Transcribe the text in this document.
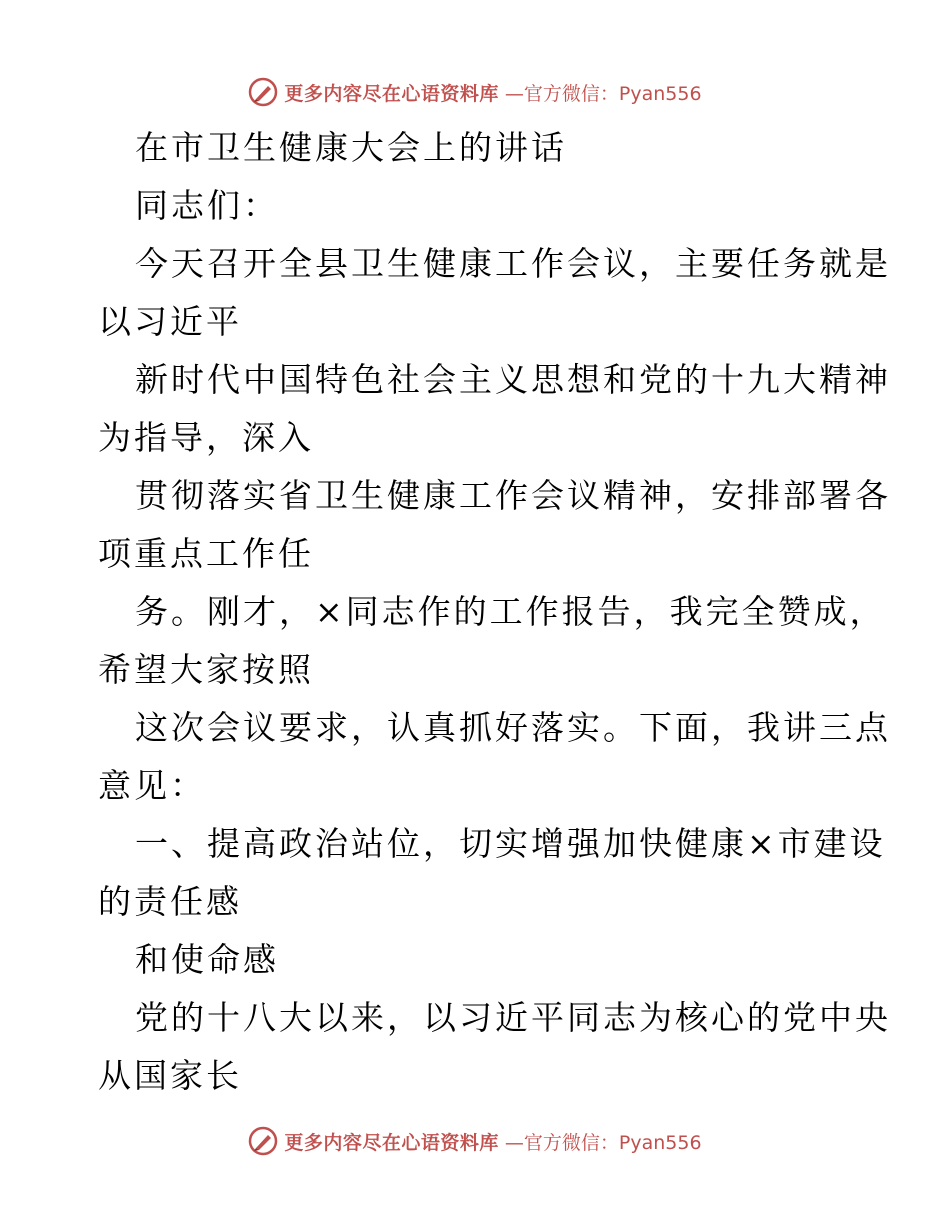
更多内容尽在心语资料库 —官方微信：Pyan556
在市卫生健康大会上的讲话
同志们：
今天召开全县卫生健康工作会议，主要任务就是
以习近平
新时代中国特色社会主义思想和党的十九大精神
为指导，深入
贯彻落实省卫生健康工作会议精神，安排部署各
项重点工作任
务。刚才，×同志作的工作报告，我完全赞成，
希望大家按照
这次会议要求，认真抓好落实。下面，我讲三点
意见：
一、提高政治站位，切实增强加快健康×市建设
的责任感
和使命感
党的十八大以来，以习近平同志为核心的党中央
从国家长
更多内容尽在心语资料库 —官方微信：Pyan556
